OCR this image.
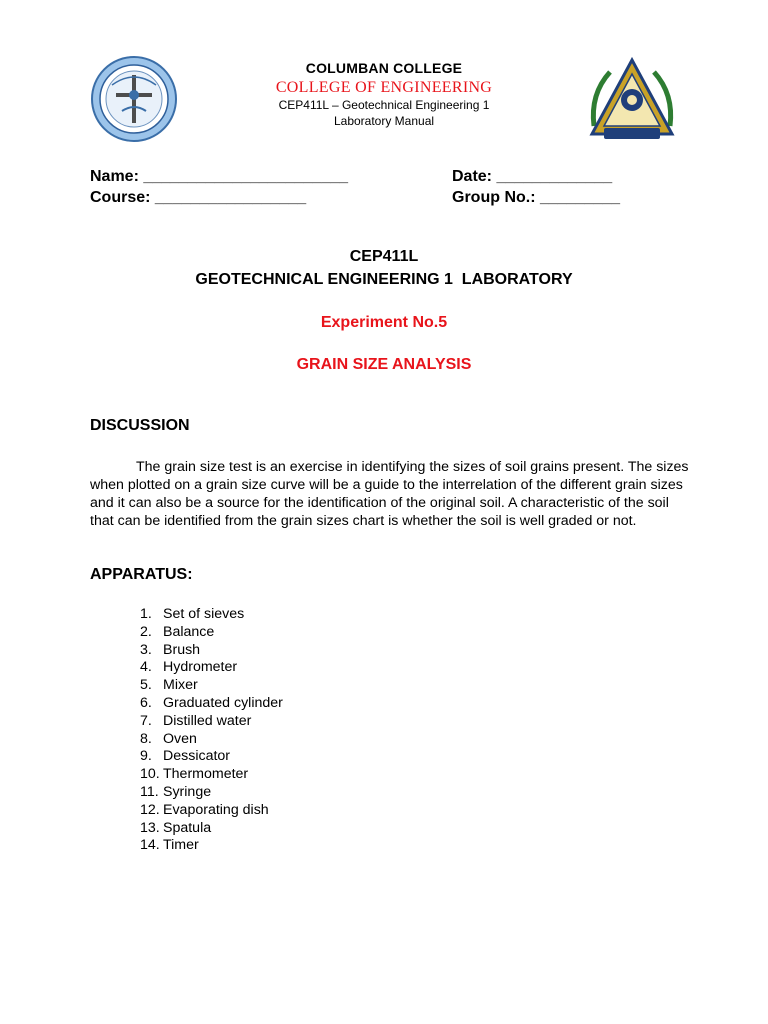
COLUMBAN COLLEGE
COLLEGE OF ENGINEERING
CEP411L – Geotechnical Engineering 1
Laboratory Manual
Name: _______________________
Course: _________________
Date: _____________
Group No.: _________
CEP411L
GEOTECHNICAL ENGINEERING 1  LABORATORY
Experiment No.5
GRAIN SIZE ANALYSIS
DISCUSSION
The grain size test is an exercise in identifying the sizes of soil grains present. The sizes when plotted on a grain size curve will be a guide to the interrelation of the different grain sizes and it can also be a source for the identification of the original soil. A characteristic of the soil that can be identified from the grain sizes chart is whether the soil is well graded or not.
APPARATUS:
1. Set of sieves
2. Balance
3. Brush
4. Hydrometer
5. Mixer
6. Graduated cylinder
7. Distilled water
8. Oven
9. Dessicator
10. Thermometer
11. Syringe
12. Evaporating dish
13. Spatula
14. Timer
